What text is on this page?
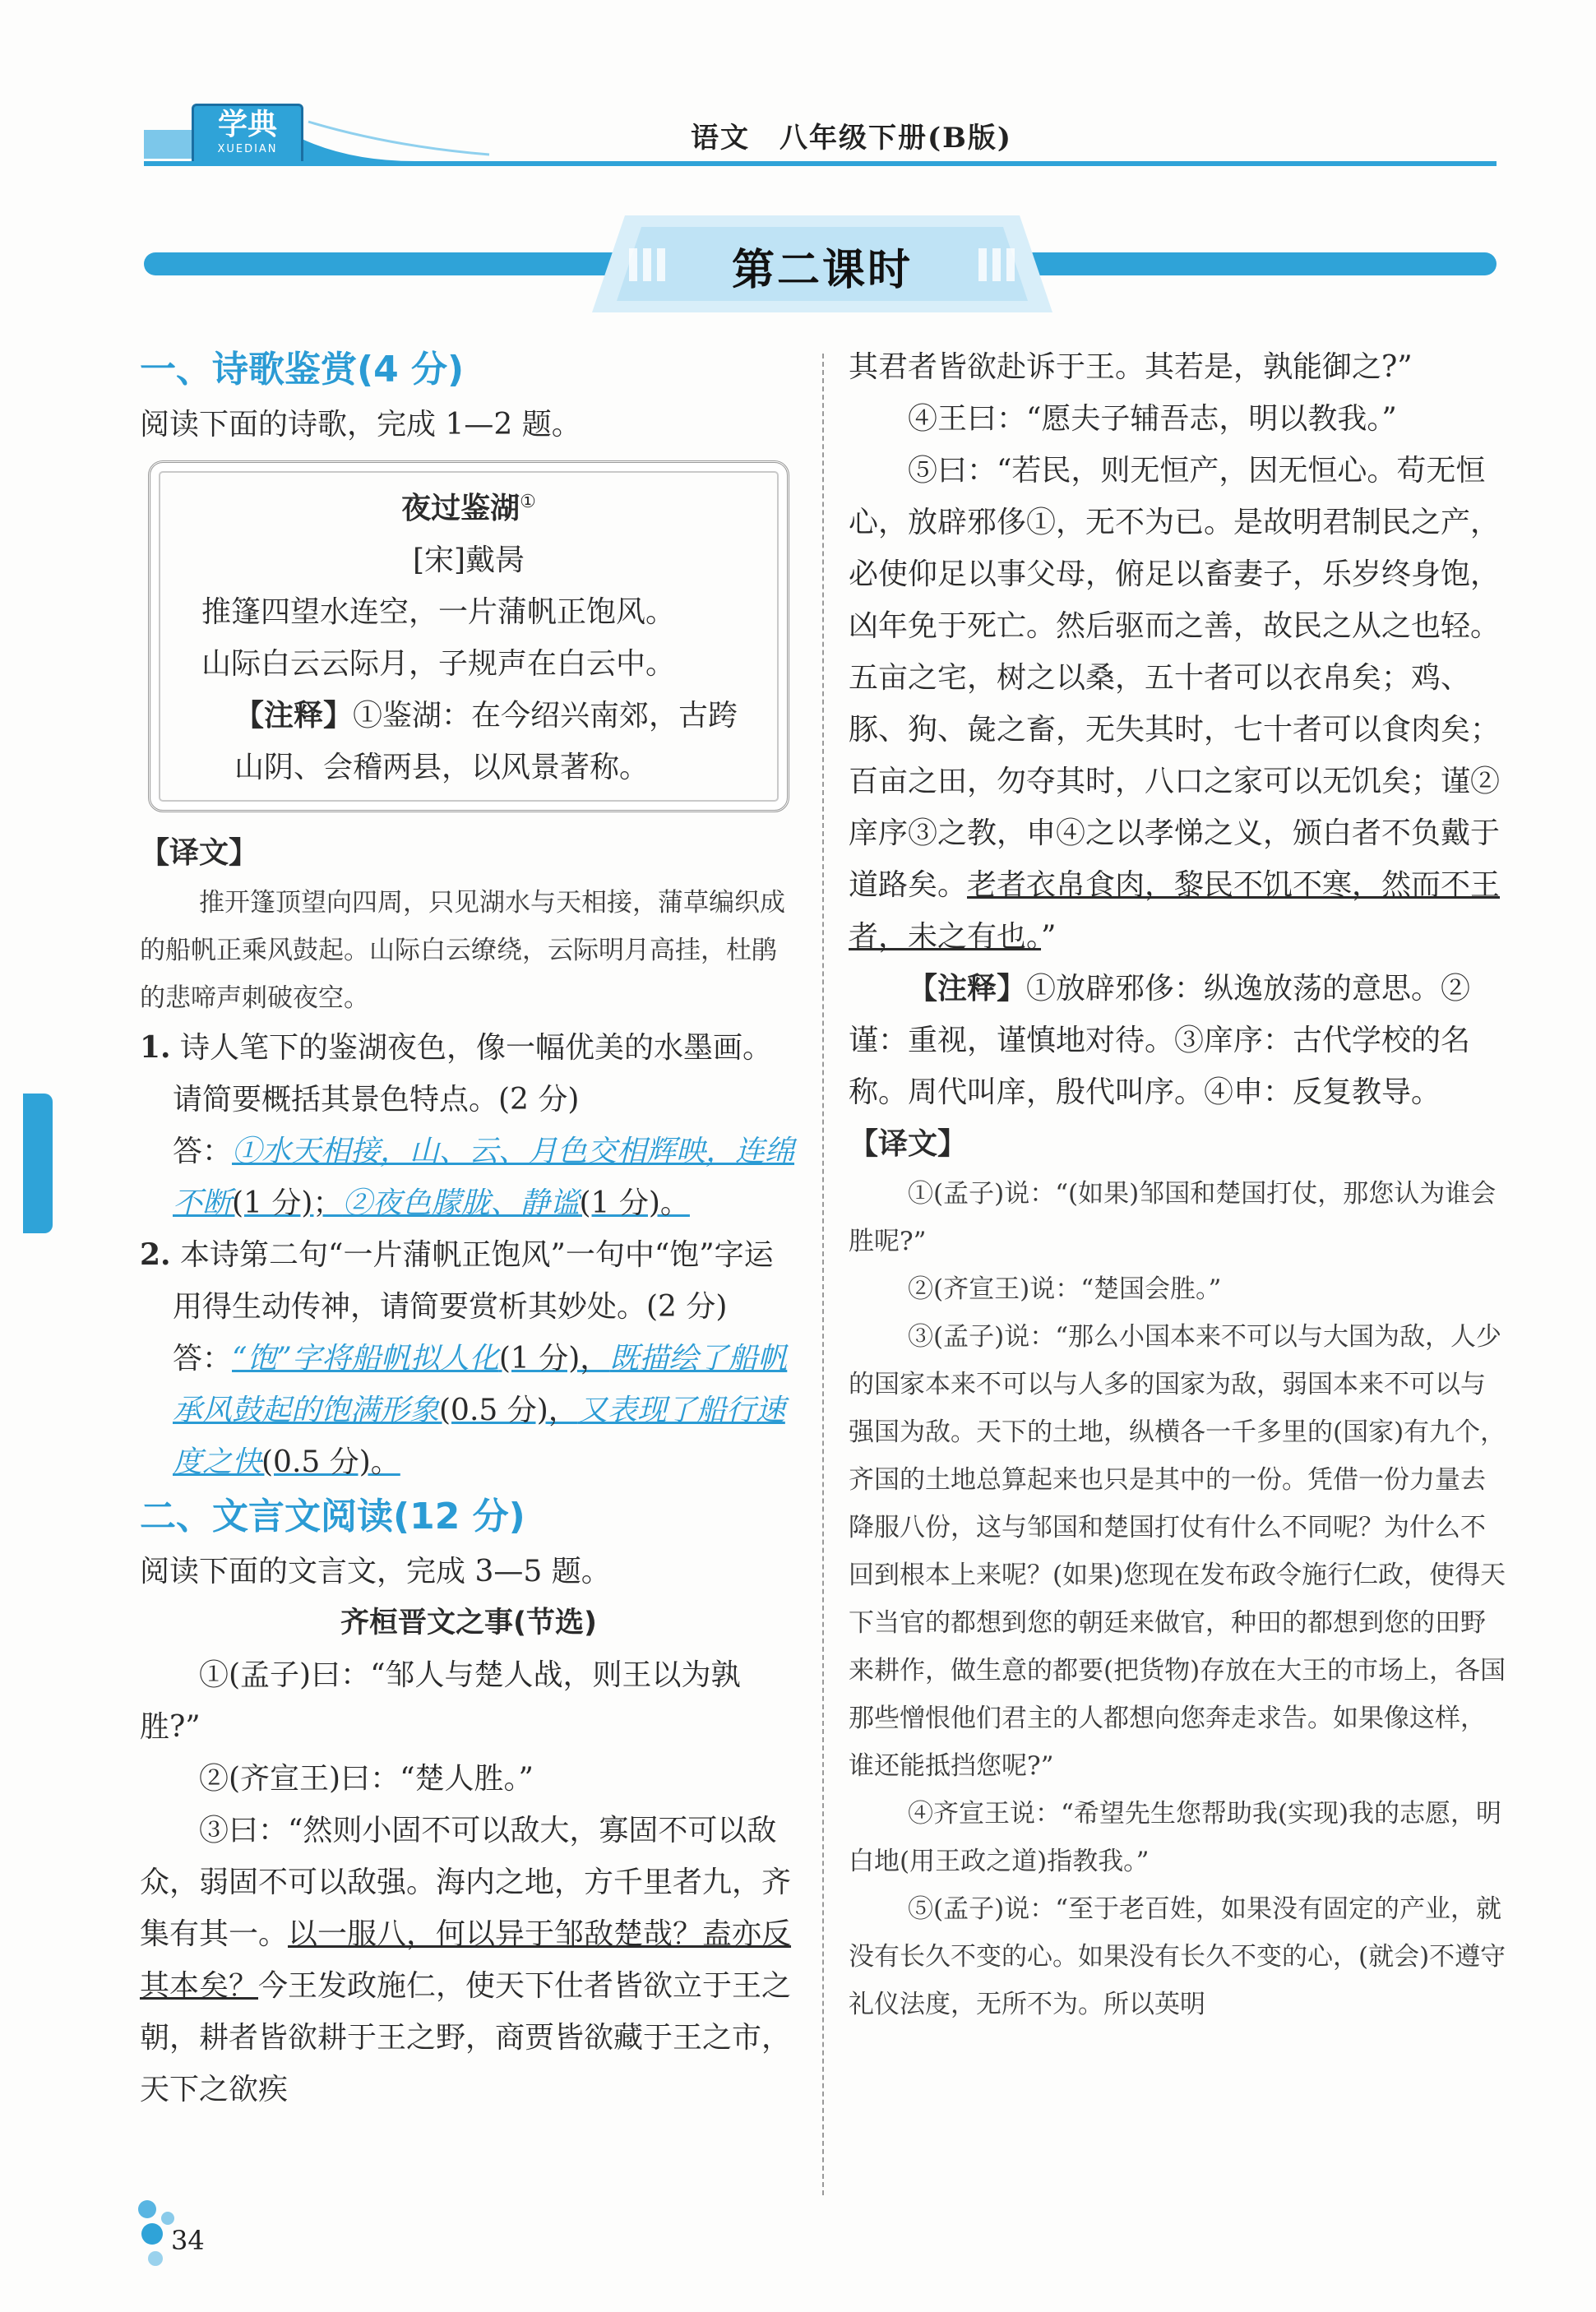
学典
XUEDIAN	语文　八年级下册(B版)
第二课时
一、诗歌鉴赏(4 分)

阅读下面的诗歌，完成 1—2 题。

夜过鉴湖①
[宋]戴昺
推篷四望水连空，一片蒲帆正饱风。
山际白云云际月，子规声在白云中。
【注释】①鉴湖：在今绍兴南郊，古跨山阴、会稽两县，以风景著称。
【译文】

推开篷顶望向四周，只见湖水与天相接，蒲草编织成的船帆正乘风鼓起。山际白云缭绕，云际明月高挂，杜鹃的悲啼声刺破夜空。

1. 诗人笔下的鉴湖夜色，像一幅优美的水墨画。请简要概括其景色特点。(2 分)

答：①水天相接，山、云、月色交相辉映，连绵不断(1 分)；②夜色朦胧、静谧(1 分)。

2. 本诗第二句“一片蒲帆正饱风”一句中“饱”字运用得生动传神，请简要赏析其妙处。(2 分)

答：“饱”字将船帆拟人化(1 分)，既描绘了船帆承风鼓起的饱满形象(0.5 分)，又表现了船行速度之快(0.5 分)。

二、文言文阅读(12 分)

阅读下面的文言文，完成 3—5 题。

齐桓晋文之事(节选)

①(孟子)曰：“邹人与楚人战，则王以为孰胜?”

②(齐宣王)曰：“楚人胜。”

③曰：“然则小固不可以敌大，寡固不可以敌众，弱固不可以敌强。海内之地，方千里者九，齐集有其一。以一服八，何以异于邹敌楚哉？盍亦反其本矣？今王发政施仁，使天下仕者皆欲立于王之朝，耕者皆欲耕于王之野，商贾皆欲藏于王之市，天下之欲疾

其君者皆欲赴诉于王。其若是，孰能御之?”

④王曰：“愿夫子辅吾志，明以教我。”

⑤曰：“若民，则无恒产，因无恒心。苟无恒心，放辟邪侈①，无不为已。是故明君制民之产，必使仰足以事父母，俯足以畜妻子，乐岁终身饱，凶年免于死亡。然后驱而之善，故民之从之也轻。五亩之宅，树之以桑，五十者可以衣帛矣；鸡、豚、狗、彘之畜，无失其时，七十者可以食肉矣；百亩之田，勿夺其时，八口之家可以无饥矣；谨②庠序③之教，申④之以孝悌之义，颁白者不负戴于道路矣。老者衣帛食肉，黎民不饥不寒，然而不王者，未之有也。”

【注释】①放辟邪侈：纵逸放荡的意思。②谨：重视，谨慎地对待。③庠序：古代学校的名称。周代叫庠，殷代叫序。④申：反复教导。

【译文】

①(孟子)说：“(如果)邹国和楚国打仗，那您认为谁会胜呢?”

②(齐宣王)说：“楚国会胜。”

③(孟子)说：“那么小国本来不可以与大国为敌，人少的国家本来不可以与人多的国家为敌，弱国本来不可以与强国为敌。天下的土地，纵横各一千多里的(国家)有九个，齐国的土地总算起来也只是其中的一份。凭借一份力量去降服八份，这与邹国和楚国打仗有什么不同呢？为什么不回到根本上来呢？(如果)您现在发布政令施行仁政，使得天下当官的都想到您的朝廷来做官，种田的都想到您的田野来耕作，做生意的都要(把货物)存放在大王的市场上，各国那些憎恨他们君主的人都想向您奔走求告。如果像这样，谁还能抵挡您呢?”

④齐宣王说：“希望先生您帮助我(实现)我的志愿，明白地(用王政之道)指教我。”

⑤(孟子)说：“至于老百姓，如果没有固定的产业，就没有长久不变的心。如果没有长久不变的心，(就会)不遵守礼仪法度，无所不为。所以英明

34
